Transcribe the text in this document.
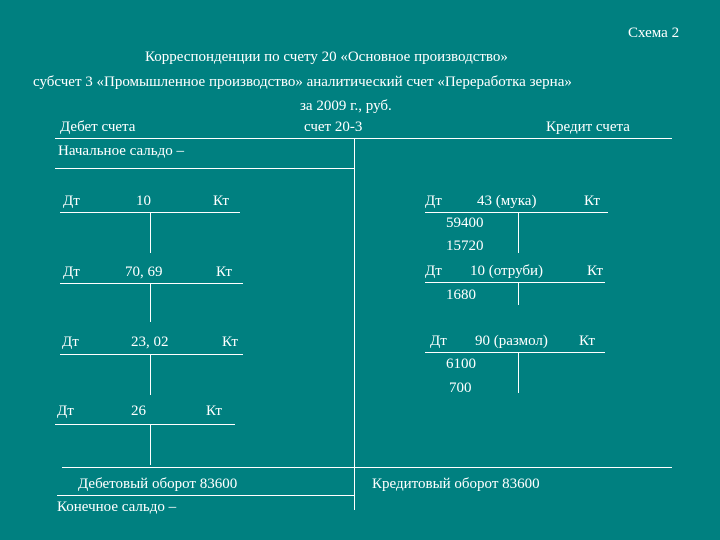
Схема 2
Корреспонденции по счету 20 «Основное производство»
субсчет 3 «Промышленное производство» аналитический счет «Переработка зерна»
за 2009 г., руб.
Дебет счета	счет 20-3	Кредит счета
Начальное сальдо –
Дт	10	Кт
Дт	70, 69	Кт
Дт	23, 02	Кт
Дт	26	Кт
Дт 43 (мука)	Кт
59400
15720
Дт 10 (отруби)	Кт
1680
Дт 90 (размол) Кт
6100
700
Дебетовый оборот 83600	Кредитовый оборот 83600
Конечное сальдо –
